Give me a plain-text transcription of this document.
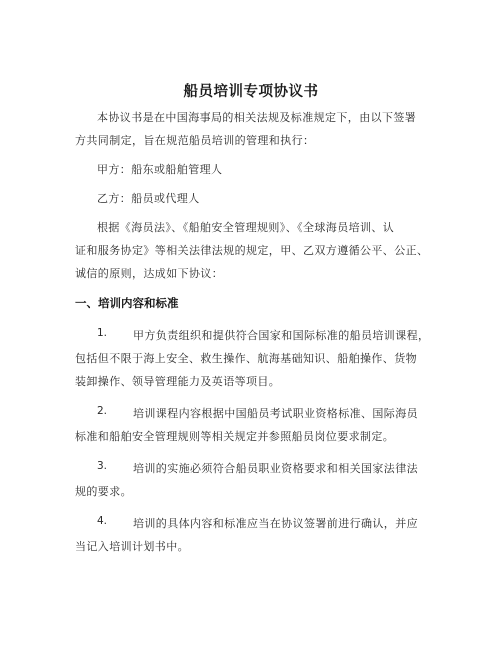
船员培训专项协议书
本协议书是在中国海事局的相关法规及标准规定下，由以下签署
方共同制定，旨在规范船员培训的管理和执行：
甲方：船东或船舶管理人
乙方：船员或代理人
根据《海员法》、《船舶安全管理规则》、《全球海员培训、认
证和服务协定》等相关法律法规的规定，甲、乙双方遵循公平、公正、
诚信的原则，达成如下协议：
一、培训内容和标准
1. 甲方负责组织和提供符合国家和国际标准的船员培训课程，
包括但不限于海上安全、救生操作、航海基础知识、船舶操作、货物
装卸操作、领导管理能力及英语等项目。
2. 培训课程内容根据中国船员考试职业资格标准、国际海员
标准和船舶安全管理规则等相关规定并参照船员岗位要求制定。
3. 培训的实施必须符合船员职业资格要求和相关国家法律法
规的要求。
4. 培训的具体内容和标准应当在协议签署前进行确认，并应
当记入培训计划书中。
